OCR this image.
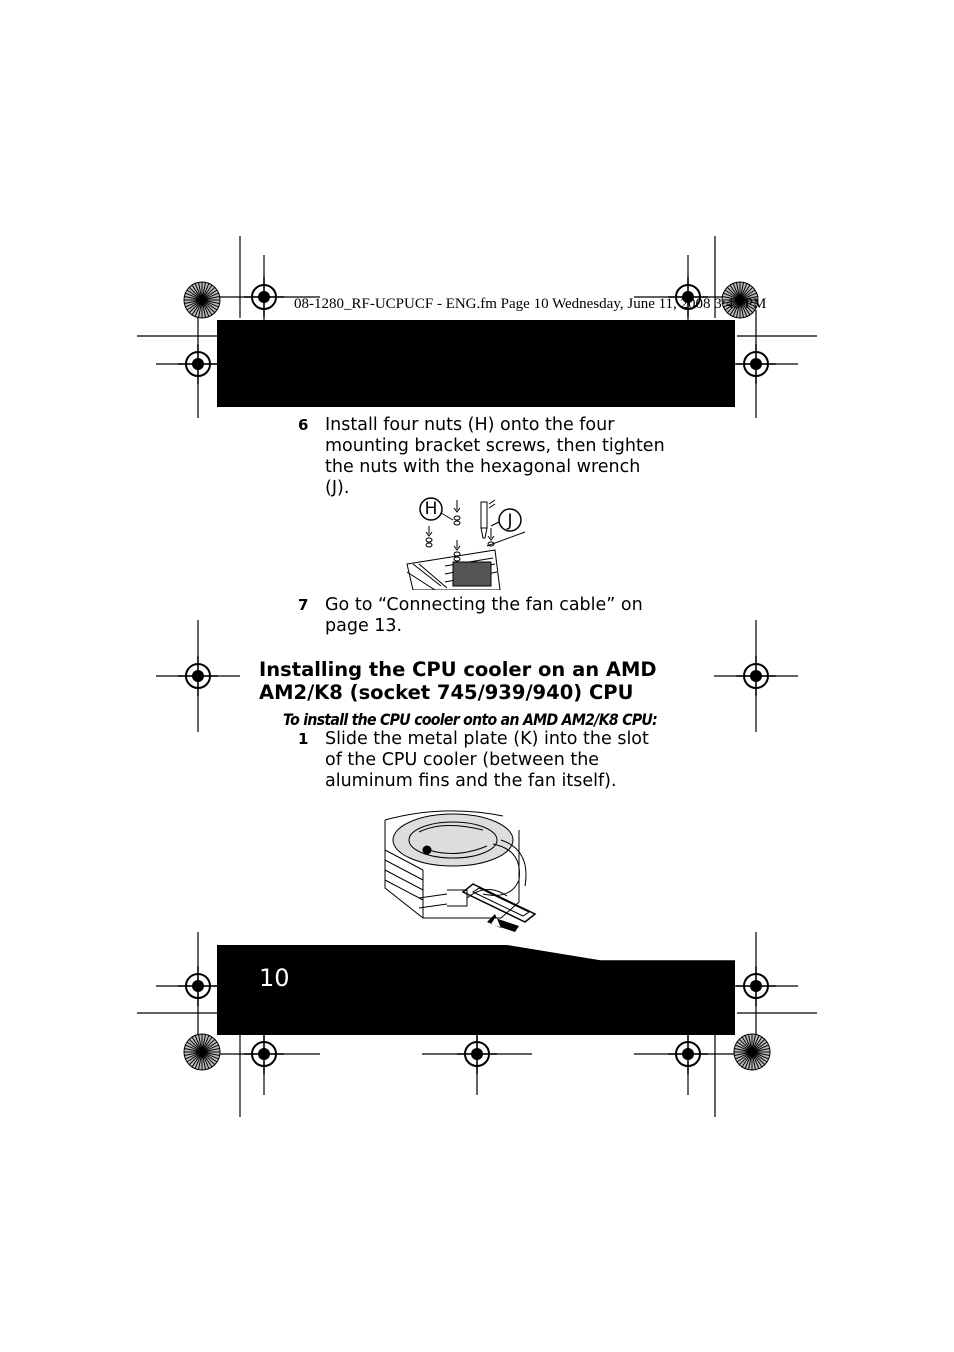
08-1280_RF-UCPUCF - ENG.fm Page 10 Wednesday, June 11, 2008 3:43 PM
6 Install four nuts (H) onto the four mounting bracket screws, then tighten the nuts with the hexagonal wrench (J).
H
J
7 Go to “Connecting the fan cable” on page 13.
Installing the CPU cooler on an AMD AM2/K8 (socket 745/939/940) CPU
To install the CPU cooler onto an AMD AM2/K8 CPU:
1 Slide the metal plate (K) into the slot of the CPU cooler (between the aluminum fins and the fan itself).
10
